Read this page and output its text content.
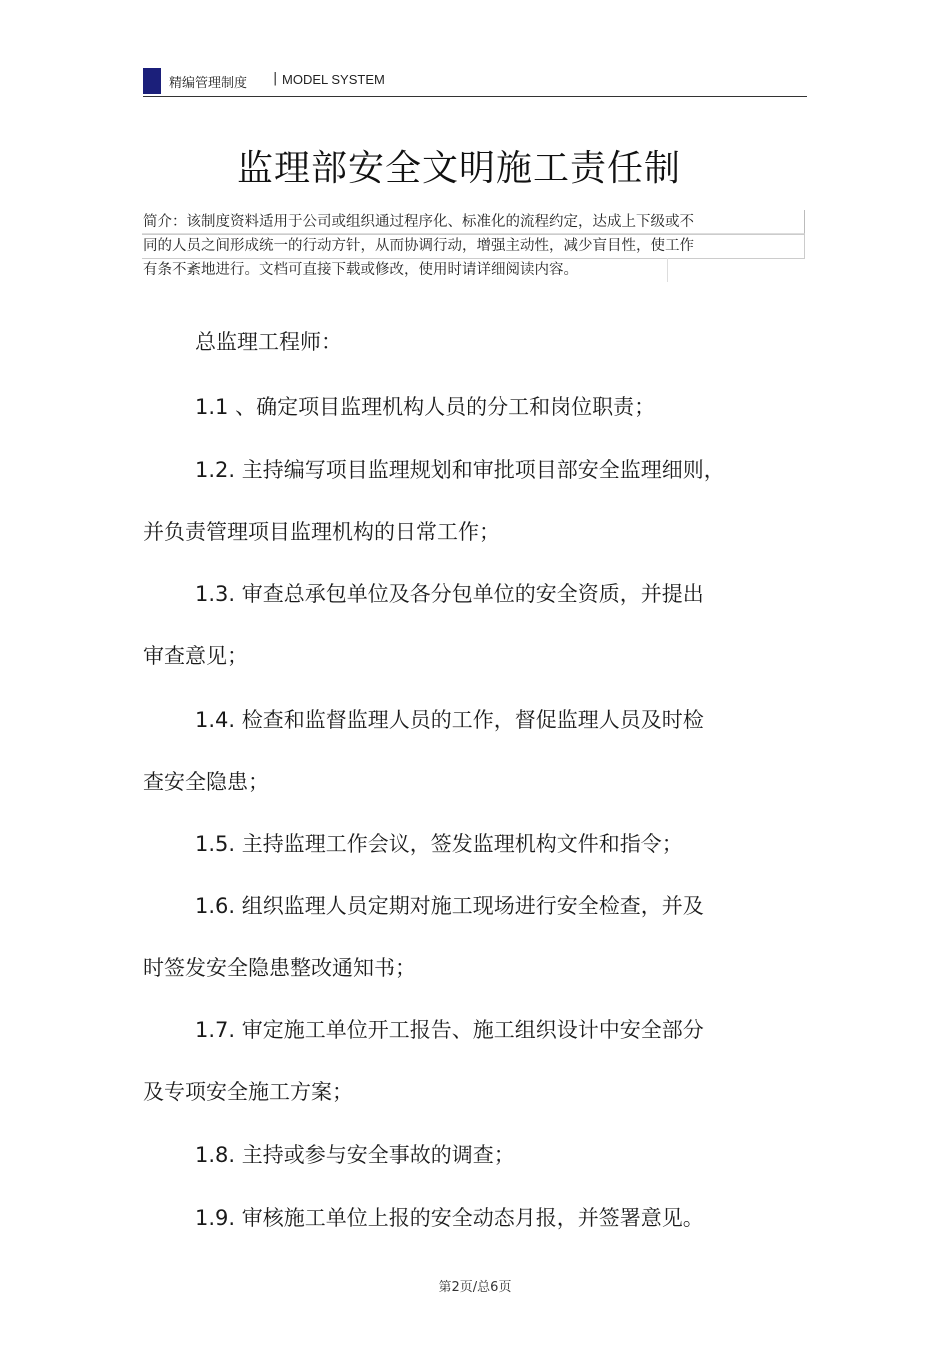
精编管理制度 | MODEL SYSTEM
监理部安全文明施工责任制
简介：该制度资料适用于公司或组织通过程序化、标准化的流程约定，达成上下级或不
同的人员之间形成统一的行动方针，从而协调行动，增强主动性，减少盲目性，使工作
有条不紊地进行。文档可直接下载或修改，使用时请详细阅读内容。
总监理工程师：
1.1 、确定项目监理机构人员的分工和岗位职责；
1.2. 主持编写项目监理规划和审批项目部安全监理细则，
并负责管理项目监理机构的日常工作；
1.3. 审查总承包单位及各分包单位的安全资质，并提出
审查意见；
1.4. 检查和监督监理人员的工作，督促监理人员及时检
查安全隐患；
1.5. 主持监理工作会议，签发监理机构文件和指令；
1.6. 组织监理人员定期对施工现场进行安全检查，并及
时签发安全隐患整改通知书；
1.7. 审定施工单位开工报告、施工组织设计中安全部分
及专项安全施工方案；
1.8. 主持或参与安全事故的调查；
1.9. 审核施工单位上报的安全动态月报，并签署意见。
第2页/总6页
